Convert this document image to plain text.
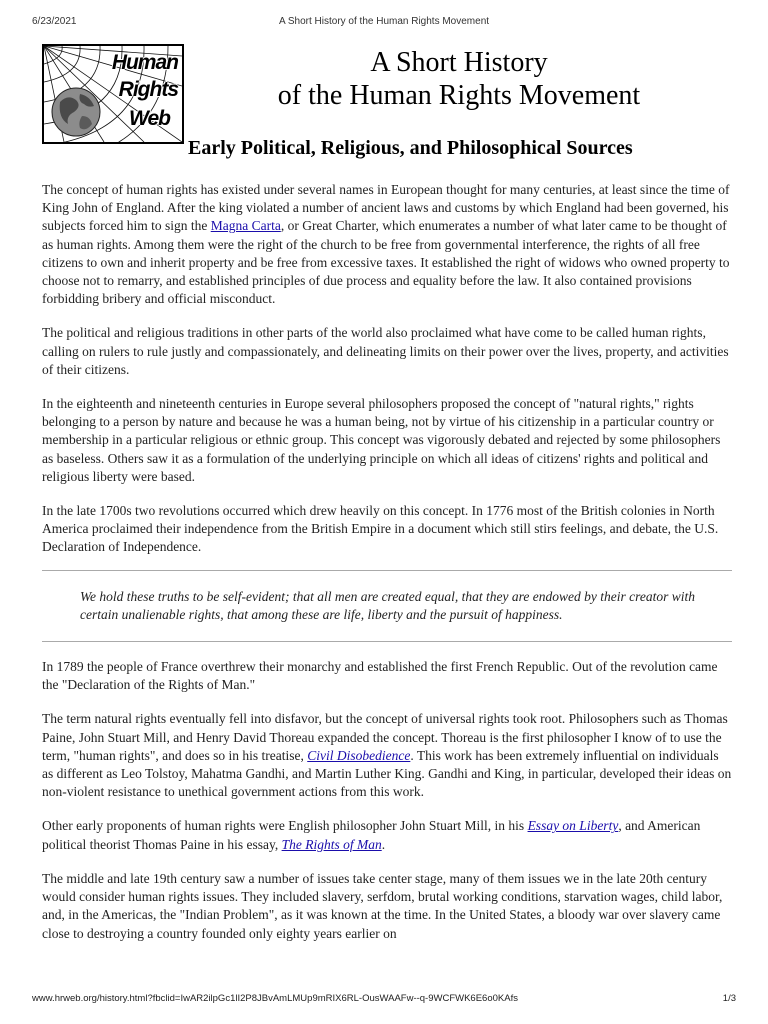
6/23/2021	A Short History of the Human Rights Movement
Human
Rights
Web
A Short History
of the Human Rights Movement
Early Political, Religious, and Philosophical Sources

The concept of human rights has existed under several names in European thought for many centuries, at least since the time of King John of England. After the king violated a number of ancient laws and customs by which England had been governed, his subjects forced him to sign the Magna Carta, or Great Charter, which enumerates a number of what later came to be thought of as human rights. Among them were the right of the church to be free from governmental interference, the rights of all free citizens to own and inherit property and be free from excessive taxes. It established the right of widows who owned property to choose not to remarry, and established principles of due process and equality before the law. It also contained provisions forbidding bribery and official misconduct.

The political and religious traditions in other parts of the world also proclaimed what have come to be called human rights, calling on rulers to rule justly and compassionately, and delineating limits on their power over the lives, property, and activities of their citizens.

In the eighteenth and nineteenth centuries in Europe several philosophers proposed the concept of "natural rights," rights belonging to a person by nature and because he was a human being, not by virtue of his citizenship in a particular country or membership in a particular religious or ethnic group. This concept was vigorously debated and rejected by some philosophers as baseless. Others saw it as a formulation of the underlying principle on which all ideas of citizens' rights and political and religious liberty were based.

In the late 1700s two revolutions occurred which drew heavily on this concept. In 1776 most of the British colonies in North America proclaimed their independence from the British Empire in a document which still stirs feelings, and debate, the U.S. Declaration of Independence.

We hold these truths to be self-evident; that all men are created equal, that they are endowed by their creator with certain unalienable rights, that among these are life, liberty and the pursuit of happiness.

In 1789 the people of France overthrew their monarchy and established the first French Republic. Out of the revolution came the "Declaration of the Rights of Man."

The term natural rights eventually fell into disfavor, but the concept of universal rights took root. Philosophers such as Thomas Paine, John Stuart Mill, and Henry David Thoreau expanded the concept. Thoreau is the first philosopher I know of to use the term, "human rights", and does so in his treatise, Civil Disobedience. This work has been extremely influential on individuals as different as Leo Tolstoy, Mahatma Gandhi, and Martin Luther King. Gandhi and King, in particular, developed their ideas on non-violent resistance to unethical government actions from this work.

Other early proponents of human rights were English philosopher John Stuart Mill, in his Essay on Liberty, and American political theorist Thomas Paine in his essay, The Rights of Man.

The middle and late 19th century saw a number of issues take center stage, many of them issues we in the late 20th century would consider human rights issues. They included slavery, serfdom, brutal working conditions, starvation wages, child labor, and, in the Americas, the "Indian Problem", as it was known at the time. In the United States, a bloody war over slavery came close to destroying a country founded only eighty years earlier on

www.hrweb.org/history.html?fbclid=IwAR2ilpGc1lI2P8JBvAmLMUp9mRIX6RL-OusWAAFw--q-9WCFWK6E6o0KAfs	1/3
